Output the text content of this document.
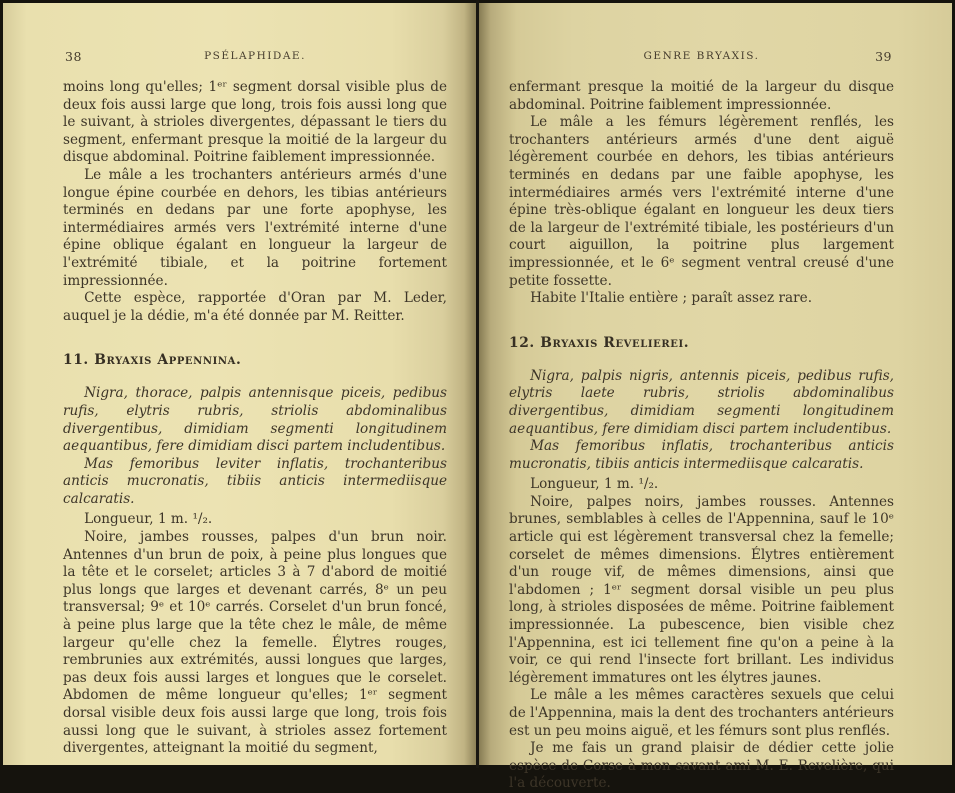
38	PSÉLAPHIDAE.

moins long qu'elles; 1ᵉʳ segment dorsal visible plus de deux fois aussi large que long, trois fois aussi long que le suivant, à strioles divergentes, dépassant le tiers du segment, enfermant presque la moitié de la largeur du disque abdominal. Poitrine faiblement impressionnée.

Le mâle a les trochanters antérieurs armés d'une longue épine courbée en dehors, les tibias antérieurs terminés en dedans par une forte apophyse, les intermédiaires armés vers l'extrémité interne d'une épine oblique égalant en longueur la largeur de l'extrémité tibiale, et la poitrine fortement impressionnée.

Cette espèce, rapportée d'Oran par M. Leder, auquel je la dédie, m'a été donnée par M. Reitter.

11. Bryaxis Appennina.

Nigra, thorace, palpis antennisque piceis, pedibus rufis, elytris rubris, striolis abdominalibus divergentibus, dimidiam segmenti longitudinem aequantibus, fere dimidiam disci partem includentibus.

Mas femoribus leviter inflatis, trochanteribus anticis mucronatis, tibiis anticis intermediisque calcaratis.

Longueur, 1 m. ¹/₂.

Noire, jambes rousses, palpes d'un brun noir. Antennes d'un brun de poix, à peine plus longues que la tête et le corselet; articles 3 à 7 d'abord de moitié plus longs que larges et devenant carrés, 8ᵉ un peu transversal; 9ᵉ et 10ᵉ carrés. Corselet d'un brun foncé, à peine plus large que la tête chez le mâle, de même largeur qu'elle chez la femelle. Élytres rouges, rembrunies aux extrémités, aussi longues que larges, pas deux fois aussi larges et longues que le corselet. Abdomen de même longueur qu'elles; 1ᵉʳ segment dorsal visible deux fois aussi large que long, trois fois aussi long que le suivant, à strioles assez fortement divergentes, atteignant la moitié du segment,

GENRE BRYAXIS.	39

enfermant presque la moitié de la largeur du disque abdominal. Poitrine faiblement impressionnée.

Le mâle a les fémurs légèrement renflés, les trochanters antérieurs armés d'une dent aiguë légèrement courbée en dehors, les tibias antérieurs terminés en dedans par une faible apophyse, les intermédiaires armés vers l'extrémité interne d'une épine très-oblique égalant en longueur les deux tiers de la largeur de l'extrémité tibiale, les postérieurs d'un court aiguillon, la poitrine plus largement impressionnée, et le 6ᵉ segment ventral creusé d'une petite fossette.

Habite l'Italie entière ; paraît assez rare.

12. Bryaxis Revelierei.

Nigra, palpis nigris, antennis piceis, pedibus rufis, elytris laete rubris, striolis abdominalibus divergentibus, dimidiam segmenti longitudinem aequantibus, fere dimidiam disci partem includentibus.

Mas femoribus inflatis, trochanteribus anticis mucronatis, tibiis anticis intermediisque calcaratis.

Longueur, 1 m. ¹/₂.

Noire, palpes noirs, jambes rousses. Antennes brunes, semblables à celles de l'Appennina, sauf le 10ᵉ article qui est légèrement transversal chez la femelle; corselet de mêmes dimensions. Élytres entièrement d'un rouge vif, de mêmes dimensions, ainsi que l'abdomen ; 1ᵉʳ segment dorsal visible un peu plus long, à strioles disposées de même. Poitrine faiblement impressionnée. La pubescence, bien visible chez l'Appennina, est ici tellement fine qu'on a peine à la voir, ce qui rend l'insecte fort brillant. Les individus légèrement immatures ont les élytres jaunes.

Le mâle a les mêmes caractères sexuels que celui de l'Appennina, mais la dent des trochanters antérieurs est un peu moins aiguë, et les fémurs sont plus renflés.

Je me fais un grand plaisir de dédier cette jolie espèce de Corse à mon savant ami M. E. Revelière, qui l'a découverte.
